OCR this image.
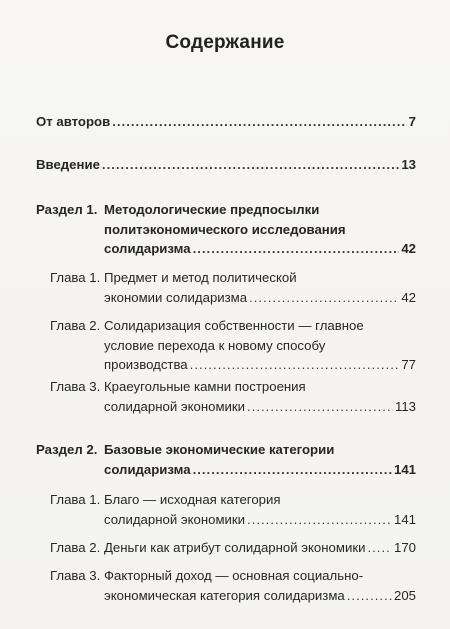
Содержание
От авторов .....	7
Введение .....	13
Раздел 1. Методологические предпосылки
политэкономического исследования
солидаризма .....	42
Глава 1. Предмет и метод политической
экономии солидаризма .....	42
Глава 2. Солидаризация собственности — главное
условие перехода к новому способу
производства .....	77
Глава 3. Краеугольные камни построения
солидарной экономики .....	113
Раздел 2. Базовые экономические категории
солидаризма .....	141
Глава 1. Благо — исходная категория
солидарной экономики .....	141
Глава 2. Деньги как атрибут солидарной экономики ..... 170
Глава 3. Факторный доход — основная социально-
экономическая категория солидаризма .....	205
